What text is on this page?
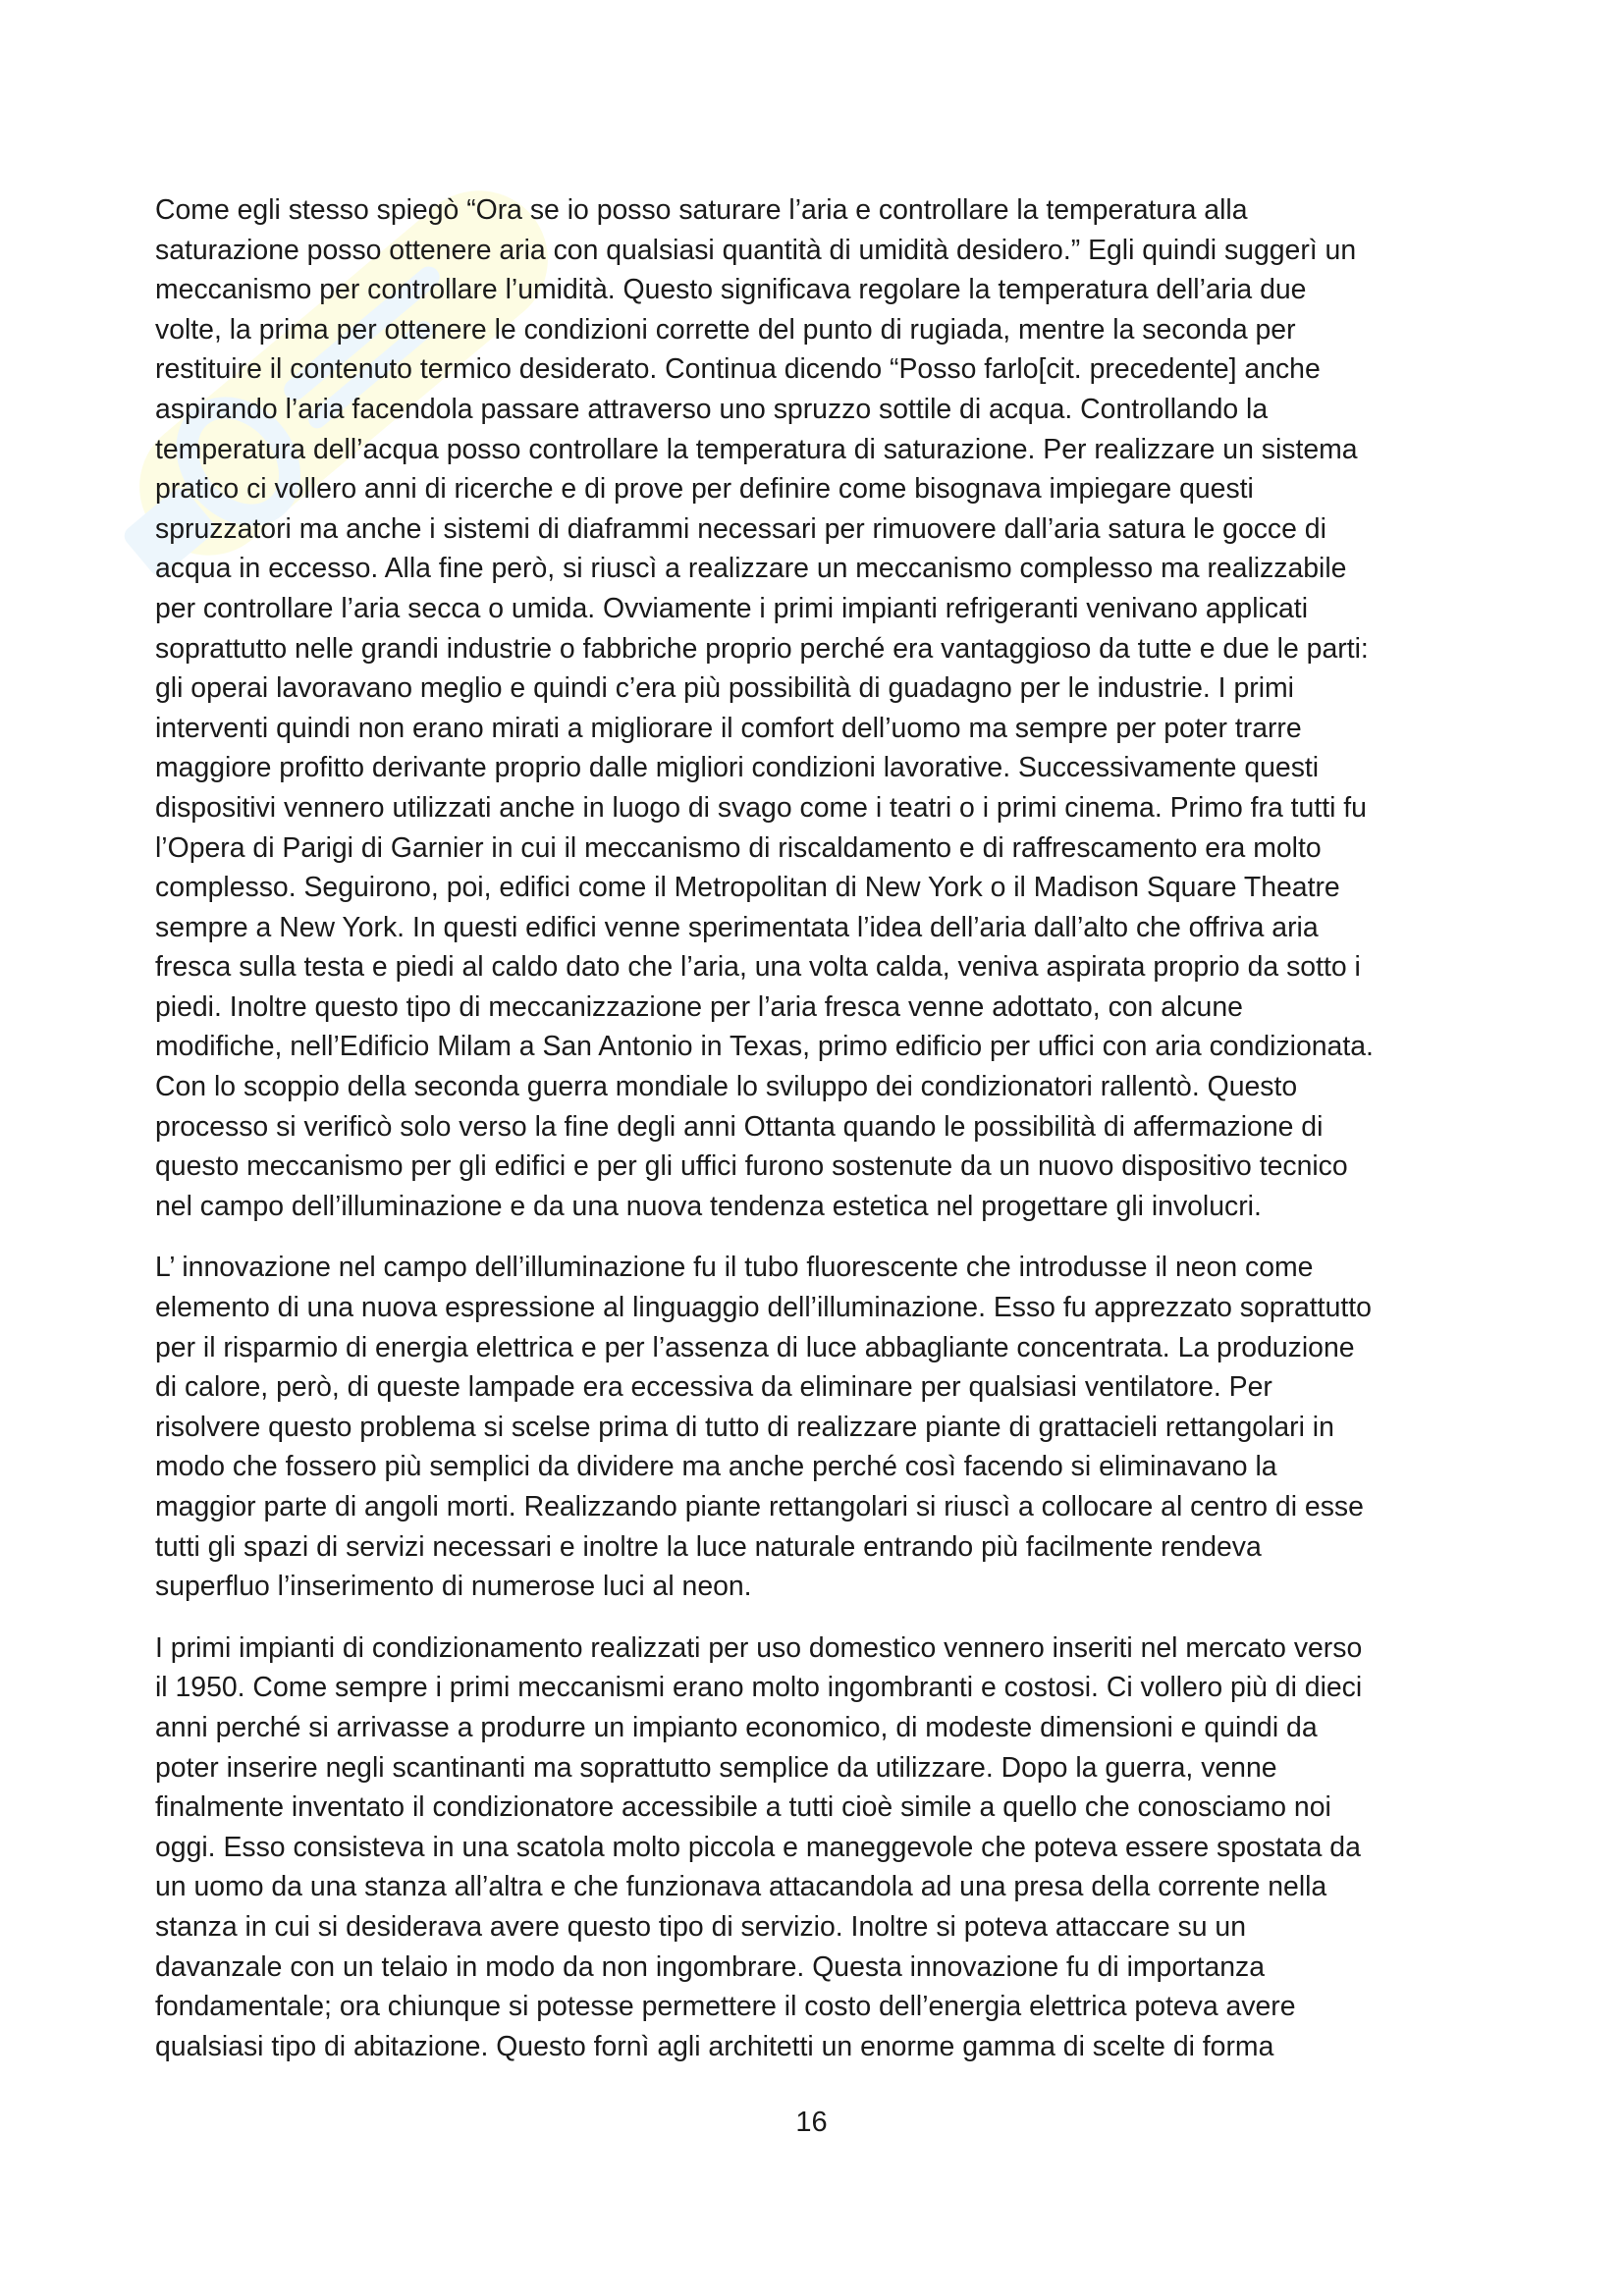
Come egli stesso spiegò “Ora se io posso saturare l’aria e controllare la temperatura alla
saturazione posso ottenere aria con qualsiasi quantità di umidità desidero.” Egli quindi suggerì un
meccanismo per controllare l’umidità. Questo significava regolare la temperatura dell’aria due
volte, la prima per ottenere le condizioni corrette del punto di rugiada, mentre la seconda per
restituire il contenuto termico desiderato. Continua dicendo “Posso farlo[cit. precedente] anche
aspirando l’aria facendola passare attraverso uno spruzzo sottile di acqua. Controllando la
temperatura dell’acqua posso controllare la temperatura di saturazione. Per realizzare un sistema
pratico ci vollero anni di ricerche e di prove per definire come bisognava impiegare questi
spruzzatori ma anche i sistemi di diaframmi necessari per rimuovere dall’aria satura le gocce di
acqua in eccesso. Alla fine però, si riuscì a realizzare un meccanismo complesso ma realizzabile
per controllare l’aria secca o umida. Ovviamente i primi impianti refrigeranti venivano applicati
soprattutto nelle grandi industrie o fabbriche proprio perché era vantaggioso da tutte e due le parti:
gli operai lavoravano meglio e quindi c’era più possibilità di guadagno per le industrie. I primi
interventi quindi non erano mirati a migliorare il comfort dell’uomo ma sempre per poter trarre
maggiore profitto derivante proprio dalle migliori condizioni lavorative. Successivamente questi
dispositivi vennero utilizzati anche in luogo di svago come i teatri o i primi cinema. Primo fra tutti fu
l’Opera di Parigi di Garnier in cui il meccanismo di riscaldamento e di raffrescamento era molto
complesso. Seguirono, poi, edifici come il Metropolitan di New York o il Madison Square Theatre
sempre a New York. In questi edifici venne sperimentata l’idea dell’aria dall’alto che offriva aria
fresca sulla testa e piedi al caldo dato che l’aria, una volta calda, veniva aspirata proprio da sotto i
piedi. Inoltre questo tipo di meccanizzazione per l’aria fresca venne adottato, con alcune
modifiche, nell’Edificio Milam a San Antonio in Texas, primo edificio per uffici con aria condizionata.
Con lo scoppio della seconda guerra mondiale lo sviluppo dei condizionatori rallentò. Questo
processo si verificò solo verso la fine degli anni Ottanta quando le possibilità di affermazione di
questo meccanismo per gli edifici e per gli uffici furono sostenute da un nuovo dispositivo tecnico
nel campo dell’illuminazione e da una nuova tendenza estetica nel progettare gli involucri.

L’ innovazione nel campo dell’illuminazione fu il tubo fluorescente che introdusse il neon come
elemento di una nuova espressione al linguaggio dell’illuminazione. Esso fu apprezzato soprattutto
per il risparmio di energia elettrica e per l’assenza di luce abbagliante concentrata. La produzione
di calore, però, di queste lampade era eccessiva da eliminare per qualsiasi ventilatore. Per
risolvere questo problema si scelse prima di tutto di realizzare piante di grattacieli rettangolari in
modo che fossero più semplici da dividere ma anche perché così facendo si eliminavano la
maggior parte di angoli morti. Realizzando piante rettangolari si riuscì a collocare al centro di esse
tutti gli spazi di servizi necessari e inoltre la luce naturale entrando più facilmente rendeva
superfluo l’inserimento di numerose luci al neon.

I primi impianti di condizionamento realizzati per uso domestico vennero inseriti nel mercato verso
il 1950. Come sempre i primi meccanismi erano molto ingombranti e costosi. Ci vollero più di dieci
anni perché si arrivasse a produrre un impianto economico, di modeste dimensioni e quindi da
poter inserire negli scantinanti ma soprattutto semplice da utilizzare. Dopo la guerra, venne
finalmente inventato il condizionatore accessibile a tutti cioè simile a quello che conosciamo noi
oggi. Esso consisteva in una scatola molto piccola e maneggevole che poteva essere spostata da
un uomo da una stanza all’altra e che funzionava attacandola ad una presa della corrente nella
stanza in cui si desiderava avere questo tipo di servizio. Inoltre si poteva attaccare su un
davanzale con un telaio in modo da non ingombrare. Questa innovazione fu di importanza
fondamentale; ora chiunque si potesse permettere il costo dell’energia elettrica poteva avere
qualsiasi tipo di abitazione. Questo fornì agli architetti un enorme gamma di scelte di forma

16
